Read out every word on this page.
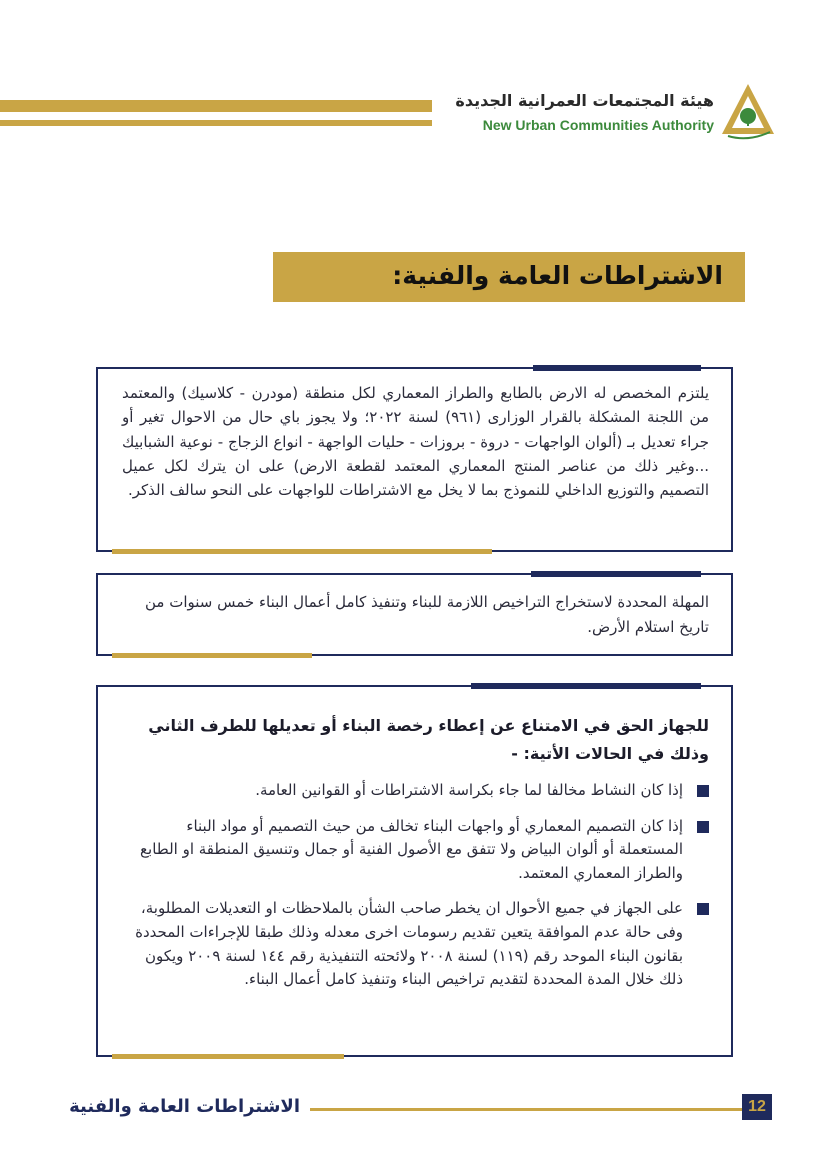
هيئة المجتمعات العمرانية الجديدة
New Urban Communities Authority
الاشتراطات العامة والفنية:

يلتزم المخصص له الارض بالطابع والطراز المعماري لكل منطقة (مودرن - كلاسيك) والمعتمد من اللجنة المشكلة بالقرار الوزارى (٩٦١) لسنة ٢٠٢٢؛ ولا يجوز باي حال من الاحوال تغير أو جراء تعديل بـ (ألوان الواجهات - دروة - بروزات - حليات الواجهة - انواع الزجاج - نوعية الشبابيك ...وغير ذلك من عناصر المنتج المعماري المعتمد لقطعة الارض) على ان يترك لكل عميل التصميم والتوزيع الداخلي للنموذج بما لا يخل مع الاشتراطات للواجهات على النحو سالف الذكر.

المهلة المحددة لاستخراج التراخيص اللازمة للبناء وتنفيذ كامل أعمال البناء خمس سنوات من تاريخ استلام الأرض.

للجهاز الحق في الامتناع عن إعطاء رخصة البناء أو تعديلها للطرف الثاني وذلك في الحالات الأتية: -
إذا كان النشاط مخالفا لما جاء بكراسة الاشتراطات أو القوانين العامة.
إذا كان التصميم المعماري أو واجهات البناء تخالف من حيث التصميم أو مواد البناء المستعملة أو ألوان البياض ولا تتفق مع الأصول الفنية أو جمال وتنسيق المنطقة او الطابع والطراز المعماري المعتمد.
على الجهاز في جميع الأحوال ان يخطر صاحب الشأن بالملاحظات او التعديلات المطلوبة، وفى حالة عدم الموافقة يتعين تقديم رسومات اخرى معدله وذلك طبقا للإجراءات المحددة بقانون البناء الموحد رقم (١١٩) لسنة ٢٠٠٨ ولائحته التنفيذية رقم ١٤٤ لسنة ٢٠٠٩ ويكون ذلك خلال المدة المحددة لتقديم تراخيص البناء وتنفيذ كامل أعمال البناء.
الاشتراطات العامة والفنية	12
